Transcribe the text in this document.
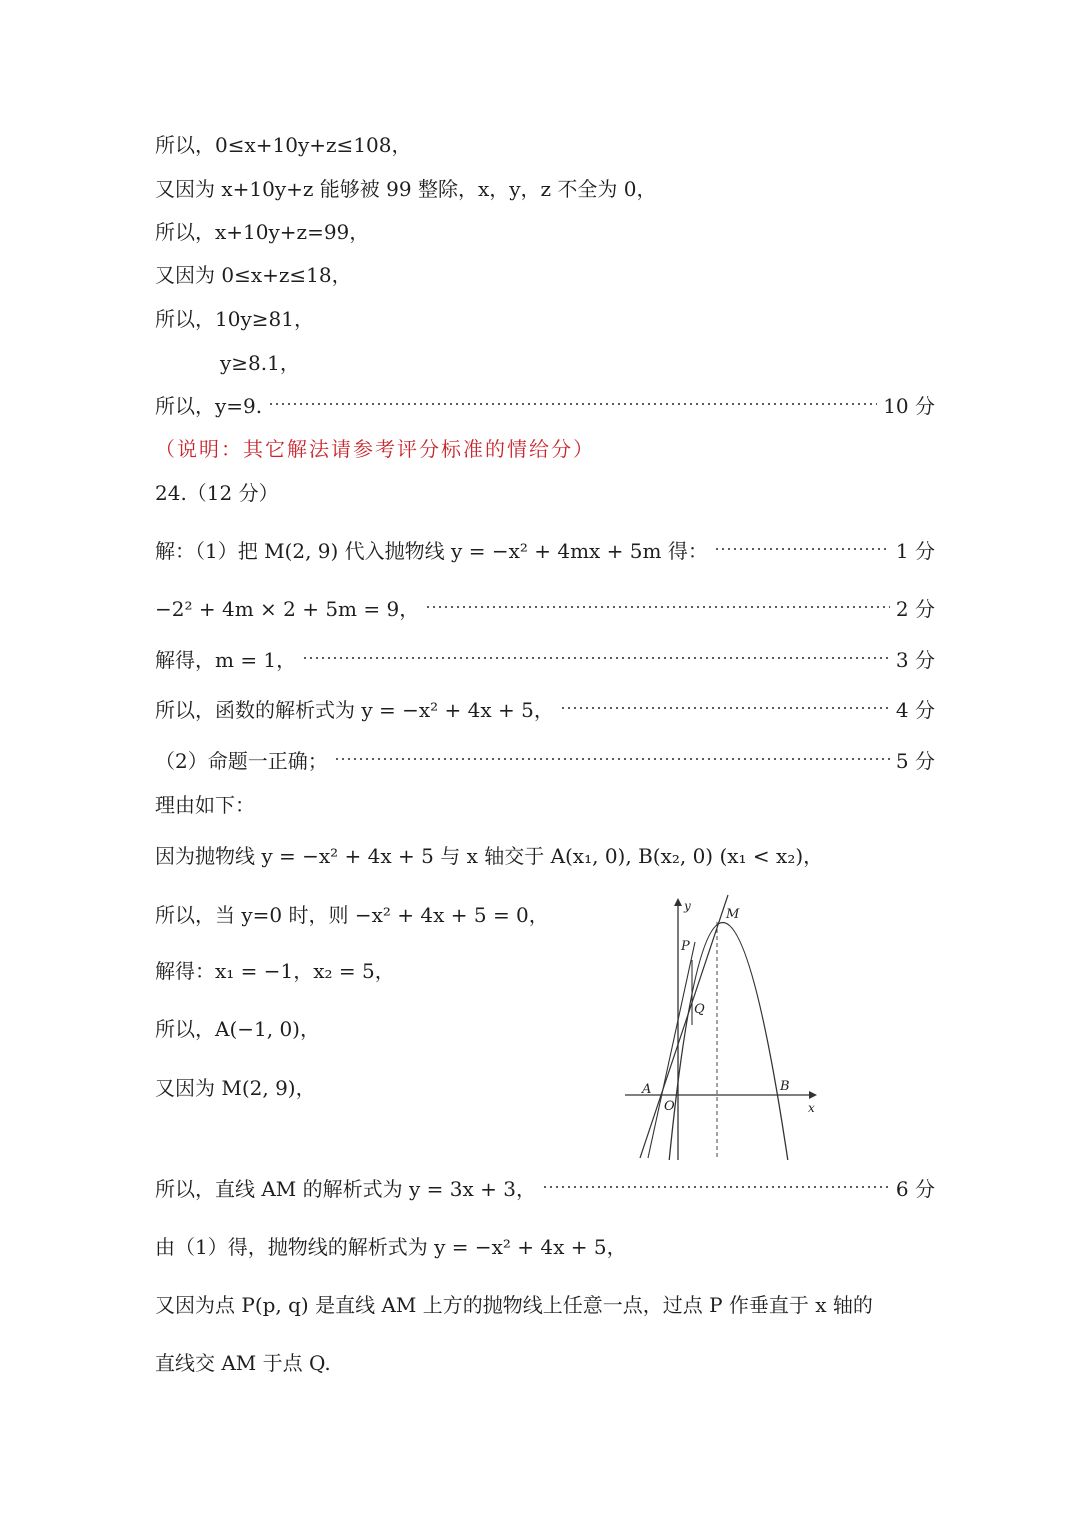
所以，0≤x+10y+z≤108，
又因为 x+10y+z 能够被 99 整除，x，y，z 不全为 0，
所以，x+10y+z=99，
又因为 0≤x+z≤18，
所以，10y≥81，
y≥8.1，
所以，y=9.	10 分
（说明：其它解法请参考评分标准的情给分）
24.（12 分）
解：（1）把 M(2, 9) 代入抛物线 y = −x² + 4mx + 5m 得：	1 分
−2² + 4m × 2 + 5m = 9，	2 分
解得，m = 1，	3 分
所以，函数的解析式为 y = −x² + 4x + 5，	4 分
（2）命题一正确；	5 分
理由如下：
因为抛物线 y = −x² + 4x + 5 与 x 轴交于 A(x₁, 0), B(x₂, 0) (x₁ < x₂)，
所以，当 y=0 时，则 −x² + 4x + 5 = 0，
解得：x₁ = −1，x₂ = 5，
所以，A(−1, 0)，
又因为 M(2, 9)，
所以，直线 AM 的解析式为 y = 3x + 3，	6 分
由（1）得，抛物线的解析式为 y = −x² + 4x + 5，
又因为点 P(p, q) 是直线 AM 上方的抛物线上任意一点，过点 P 作垂直于 x 轴的
直线交 AM 于点 Q.
y
x
O
A	B
M
P
Q
